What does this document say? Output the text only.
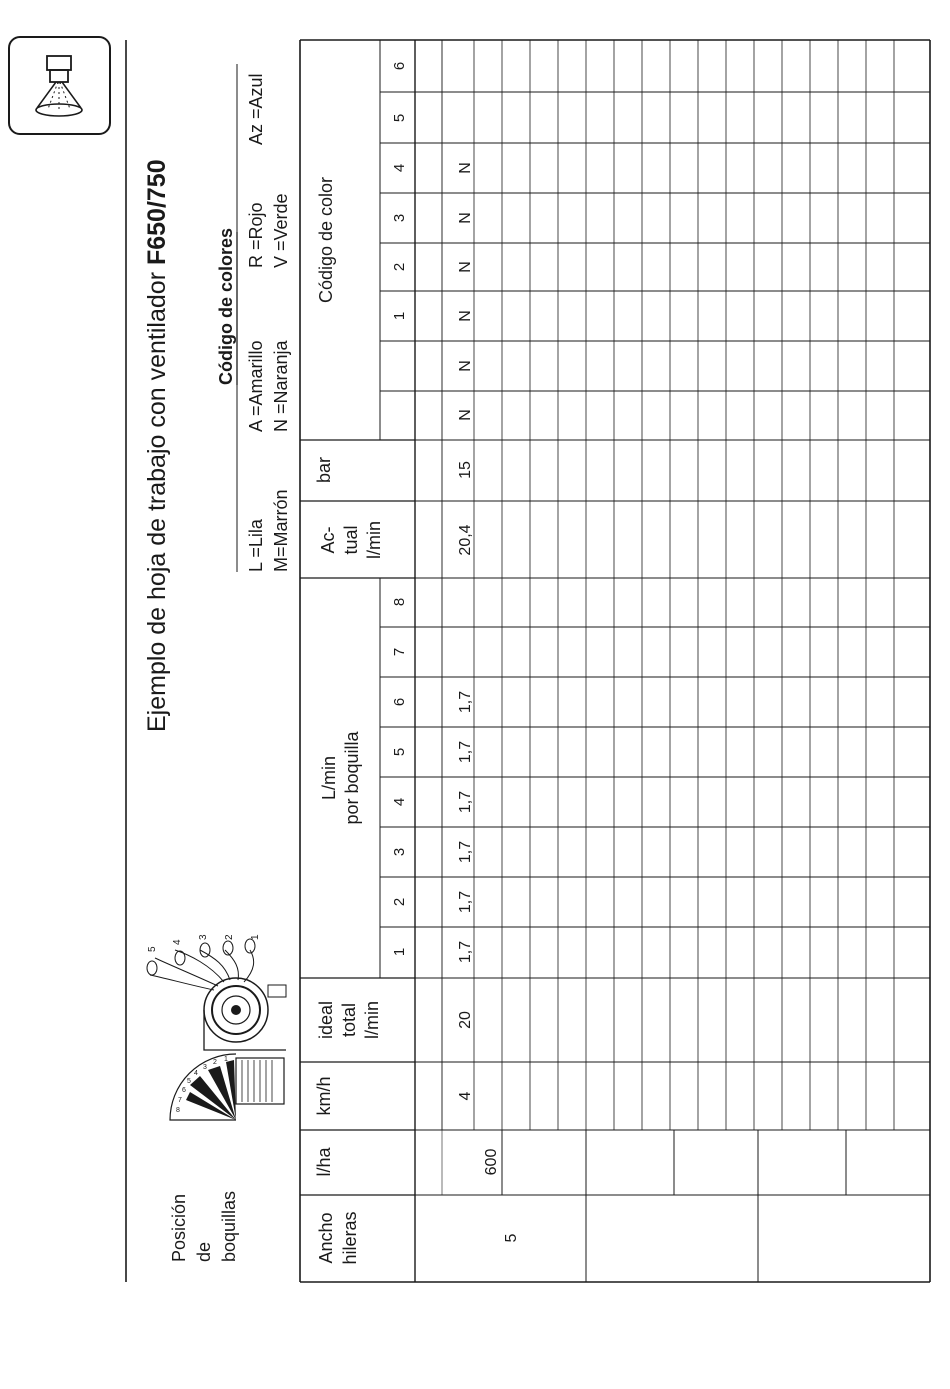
Ejemplo de hoja de trabajo con ventilador F650/750
Código de colores
L =Lila M=Marrón
A =Amarillo N =Naranja
R =Rojo V =Verde
Az =Azul
Posición de boquillas
8
7
6
5
4
3
2 1
5
4
3 2 1
Ancho hileras
l/ha
km/h
ideal total l/min
L/min por boquilla
Ac- tual l/min
bar
Código de color
1
2
3
4
5
6
7
8
1
2
3
4
5
6
5
600
4
20
1,7
1,7
1,7
1,7
1,7
1,7
20,4
15
N
N
N
N
N
N
